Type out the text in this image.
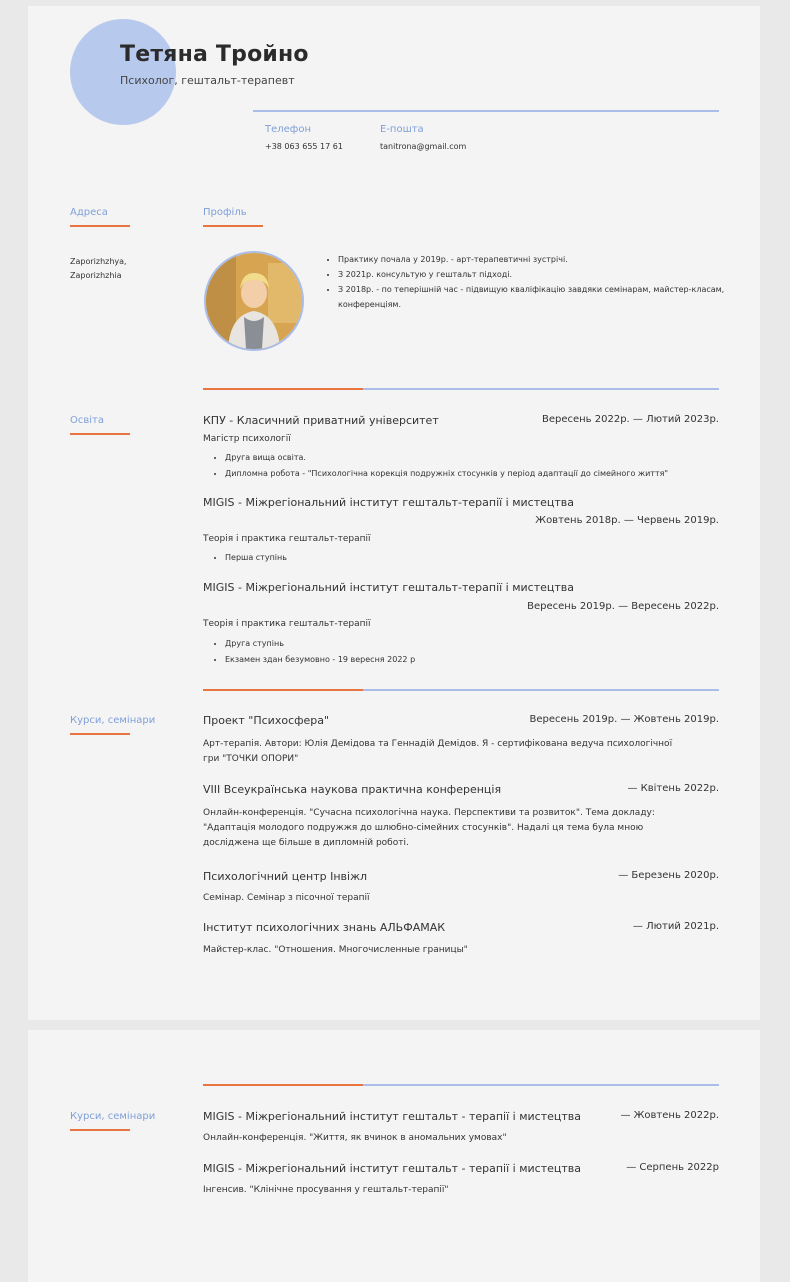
Тетяна Тройно
Психолог, гештальт-терапевт
Телефон
+38 063 655 17 61
E-пошта
tanitrona@gmail.com
Адреса
Zaporizhzhya,
Zaporizhzhia
Профіль
• Практику почала у 2019р. - арт-терапевтичні зустрічі.
• З 2021р. консультую у гештальт підході.
• З 2018р. - по теперішній час - підвищую кваліфікацію завдяки семінарам, майстер-класам, конференціям.
Освіта	КПУ - Класичний приватний університет	Вересень 2022р. — Лютий 2023р.
Магістр психології
• Друга вища освіта.
• Дипломна робота - "Психологічна корекція подружніх стосунків у період адаптації до сімейного життя"
MIGIS - Міжрегіональний інститут гештальт-терапії і мистецтва
Жовтень 2018р. — Червень 2019р.
Теорія і практика гештальт-терапії
• Перша ступінь
MIGIS - Міжрегіональний інститут гештальт-терапії і мистецтва
Вересень 2019р. — Вересень 2022р.
Теорія і практика гештальт-терапії
• Друга ступінь
• Екзамен здан безумовно - 19 вересня 2022 р
Курси, семінари	Проект "Психосфера"	Вересень 2019р. — Жовтень 2019р.
Арт-терапія. Автори: Юлія Демідова та Геннадій Демідов. Я - сертифікована ведуча психологічної
гри "ТОЧКИ ОПОРИ"
VIII Всеукраїнська наукова практична конференція	— Квітень 2022р.
Онлайн-конференція. "Сучасна психологічна наука. Перспективи та розвиток". Тема докладу:
"Адаптація молодого подружжя до шлюбно-сімейних стосунків". Надалі ця тема була мною
досліджена ще більше в дипломній роботі.
Психологічний центр Інвіжл	— Березень 2020р.
Семінар. Семінар з пісочної терапії
Інститут психологічних знань АЛЬФАМАК	— Лютий 2021р.
Майстер-клас. "Отношения. Многочисленные границы"
Курси, семінари	MIGIS - Міжрегіональний інститут гештальт - терапії і мистецтва	— Жовтень 2022р.
Онлайн-конференція. "Життя, як вчинок в аномальних умовах"
MIGIS - Міжрегіональний інститут гештальт - терапії і мистецтва	— Серпень 2022р
Інгенсив. "Клінічне просування у гештальт-терапії"
